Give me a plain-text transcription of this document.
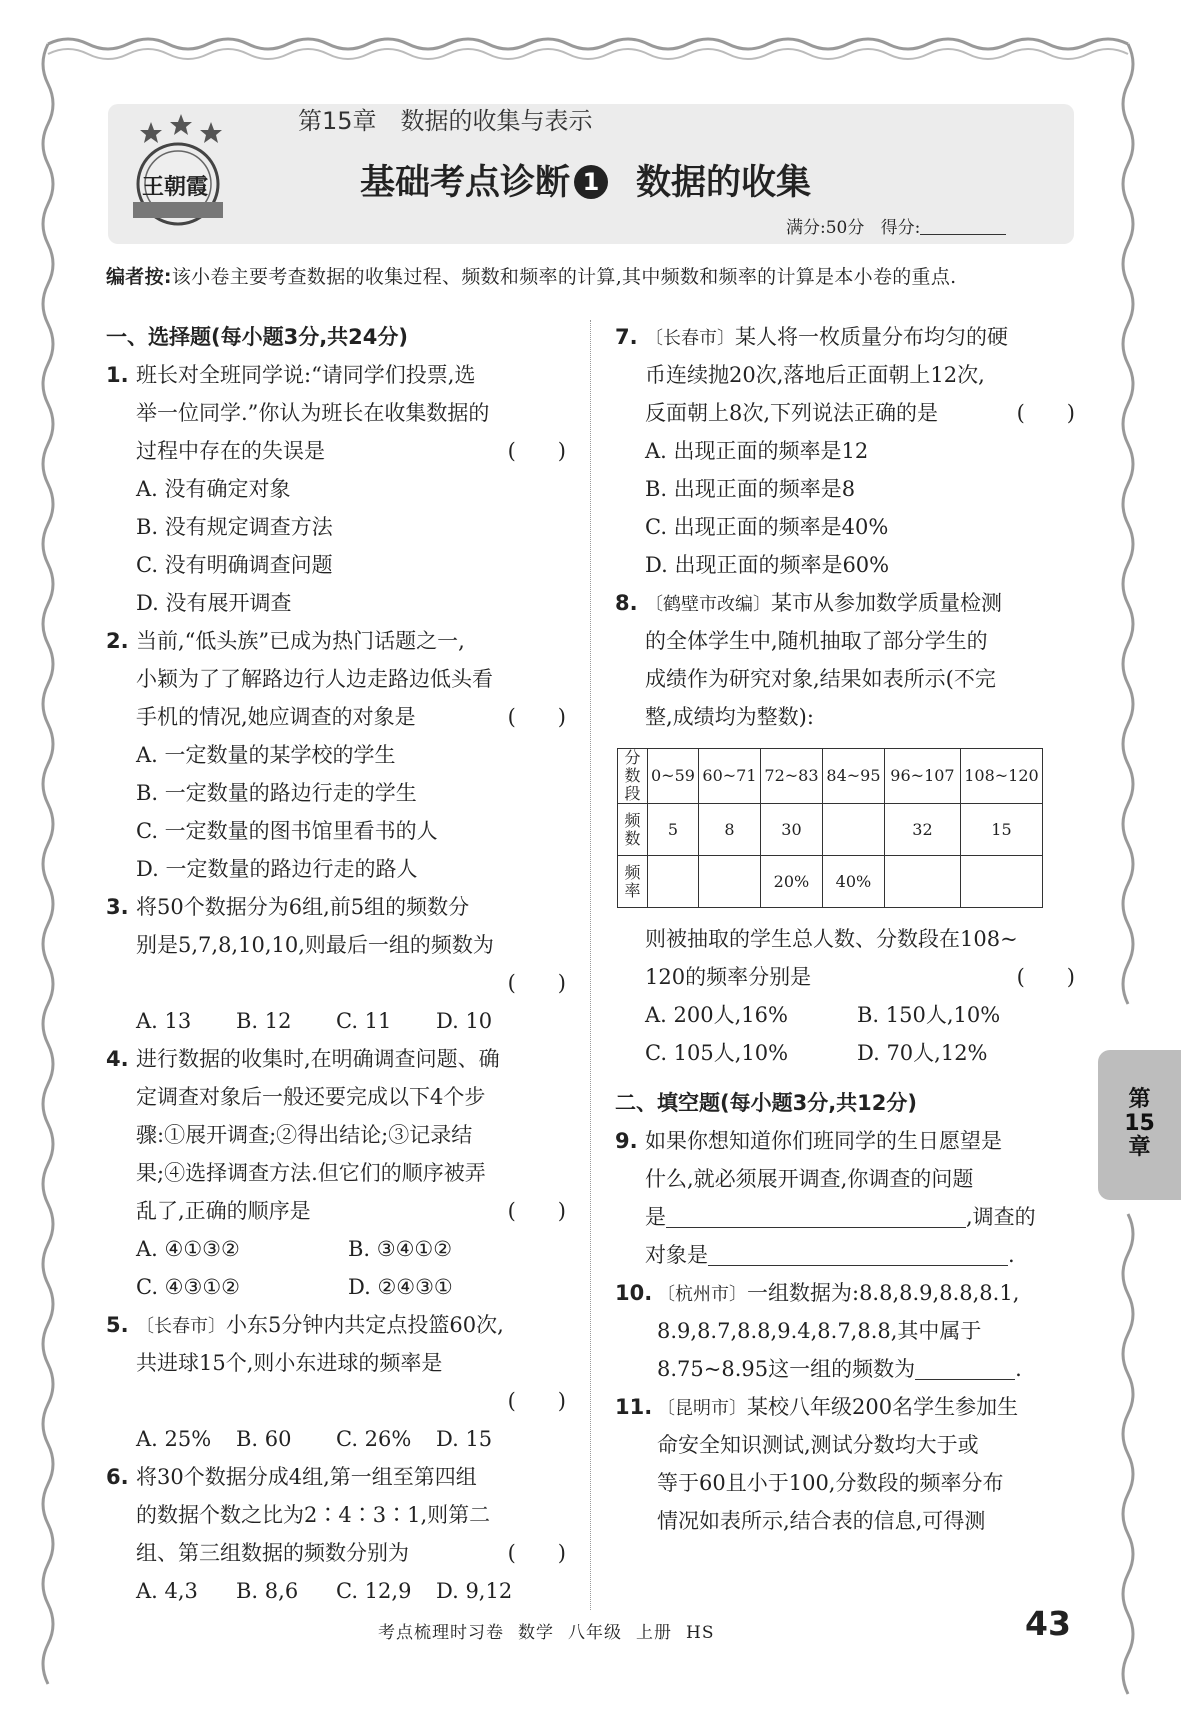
王朝霞
第15章 数据的收集与表示
基础考点诊断 1 数据的收集
满分:50分 得分:
编者按:该小卷主要考查数据的收集过程、频数和频率的计算,其中频数和频率的计算是本小卷的重点.
一、选择题(每小题3分,共24分)
1. 班长对全班同学说:“请同学们投票,选
举一位同学.”你认为班长在收集数据的
过程中存在的失误是	(　　)
A. 没有确定对象
B. 没有规定调查方法
C. 没有明确调查问题
D. 没有展开调查
2. 当前,“低头族”已成为热门话题之一,
小颖为了了解路边行人边走路边低头看
手机的情况,她应调查的对象是	(　　)
A. 一定数量的某学校的学生
B. 一定数量的路边行走的学生
C. 一定数量的图书馆里看书的人
D. 一定数量的路边行走的路人
3. 将50个数据分为6组,前5组的频数分
别是5,7,8,10,10,则最后一组的频数为
(　　)
A. 13	B. 12	C. 11	D. 10
4. 进行数据的收集时,在明确调查问题、确
定调查对象后一般还要完成以下4个步
骤:①展开调查;②得出结论;③记录结
果;④选择调查方法.但它们的顺序被弄
乱了,正确的顺序是	(　　)
A. ④①③②	B. ③④①②
C. ④③①②	D. ②④③①
5. 〔长春市〕小东5分钟内共定点投篮60次,
共进球15个,则小东进球的频率是
(　　)
A. 25%	B. 60	C. 26%	D. 15
6. 将30个数据分成4组,第一组至第四组
的数据个数之比为2∶4∶3∶1,则第二
组、第三组数据的频数分别为	(　　)
A. 4,3	B. 8,6	C. 12,9	D. 9,12
7. 〔长春市〕某人将一枚质量分布均匀的硬
币连续抛20次,落地后正面朝上12次,
反面朝上8次,下列说法正确的是	(　　)
A. 出现正面的频率是12
B. 出现正面的频率是8
C. 出现正面的频率是40%
D. 出现正面的频率是60%
8. 〔鹤壁市改编〕某市从参加数学质量检测
的全体学生中,随机抽取了部分学生的
成绩作为研究对象,结果如表所示(不完
整,成绩均为整数):
分数段	0~59	60~71	72~83	84~95	96~107	108~120
频数	5	8	30		32	15
频率			20%	40%		
则被抽取的学生总人数、分数段在108~
120的频率分别是	(　　)
A. 200人,16%	B. 150人,10%
C. 105人,10%	D. 70人,12%
二、填空题(每小题3分,共12分)
9. 如果你想知道你们班同学的生日愿望是
什么,就必须展开调查,你调查的问题
是	,调查的
对象是	.
10. 〔杭州市〕一组数据为:8.8,8.9,8.8,8.1,
8.9,8.7,8.8,9.4,8.7,8.8,其中属于
8.75~8.95这一组的频数为	.
11. 〔昆明市〕某校八年级200名学生参加生
命安全知识测试,测试分数均大于或
等于60且小于100,分数段的频率分布
情况如表所示,结合表的信息,可得测
第
15
章
考点梳理时习卷 数学 八年级 上册 HS	43
